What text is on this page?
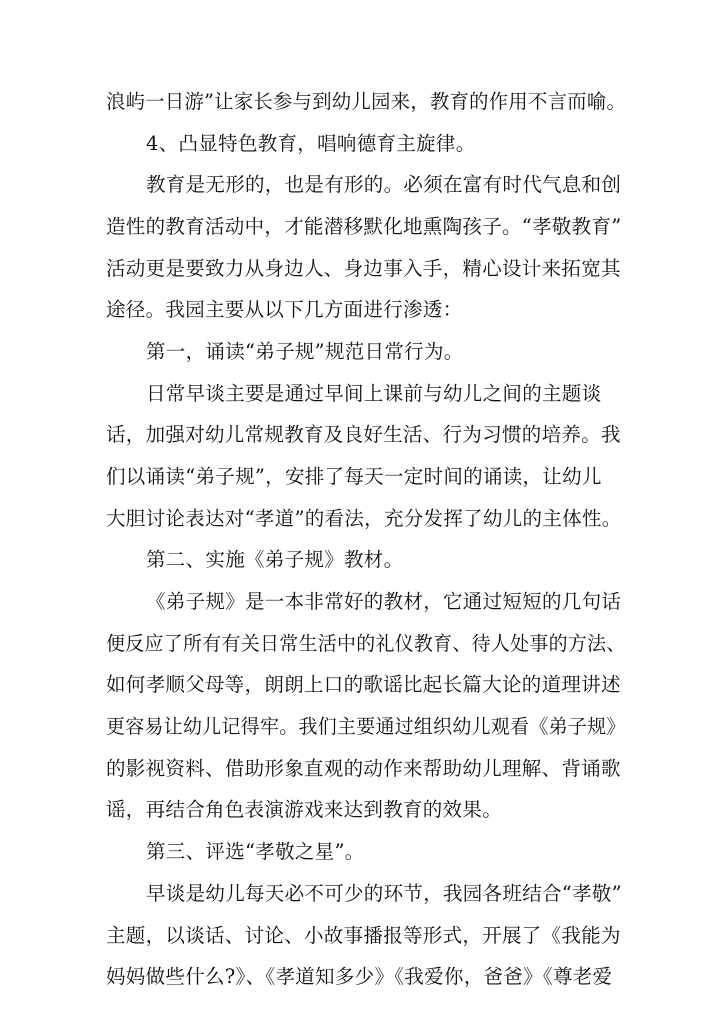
浪屿一日游”让家长参与到幼儿园来，教育的作用不言而喻。
4、凸显特色教育，唱响德育主旋律。
教育是无形的，也是有形的。必须在富有时代气息和创
造性的教育活动中，才能潜移默化地熏陶孩子。“孝敬教育”
活动更是要致力从身边人、身边事入手，精心设计来拓宽其
途径。我园主要从以下几方面进行渗透：
第一，诵读“弟子规”规范日常行为。
日常早谈主要是通过早间上课前与幼儿之间的主题谈
话，加强对幼儿常规教育及良好生活、行为习惯的培养。我
们以诵读“弟子规”，安排了每天一定时间的诵读，让幼儿
大胆讨论表达对“孝道”的看法，充分发挥了幼儿的主体性。
第二、实施《弟子规》教材。
《弟子规》是一本非常好的教材，它通过短短的几句话
便反应了所有有关日常生活中的礼仪教育、待人处事的方法、
如何孝顺父母等，朗朗上口的歌谣比起长篇大论的道理讲述
更容易让幼儿记得牢。我们主要通过组织幼儿观看《弟子规》
的影视资料、借助形象直观的动作来帮助幼儿理解、背诵歌
谣，再结合角色表演游戏来达到教育的效果。
第三、评选“孝敬之星”。
早谈是幼儿每天必不可少的环节，我园各班结合“孝敬”
主题，以谈话、讨论、小故事播报等形式，开展了《我能为
妈妈做些什么?》、《孝道知多少》《我爱你，爸爸》《尊老爱
